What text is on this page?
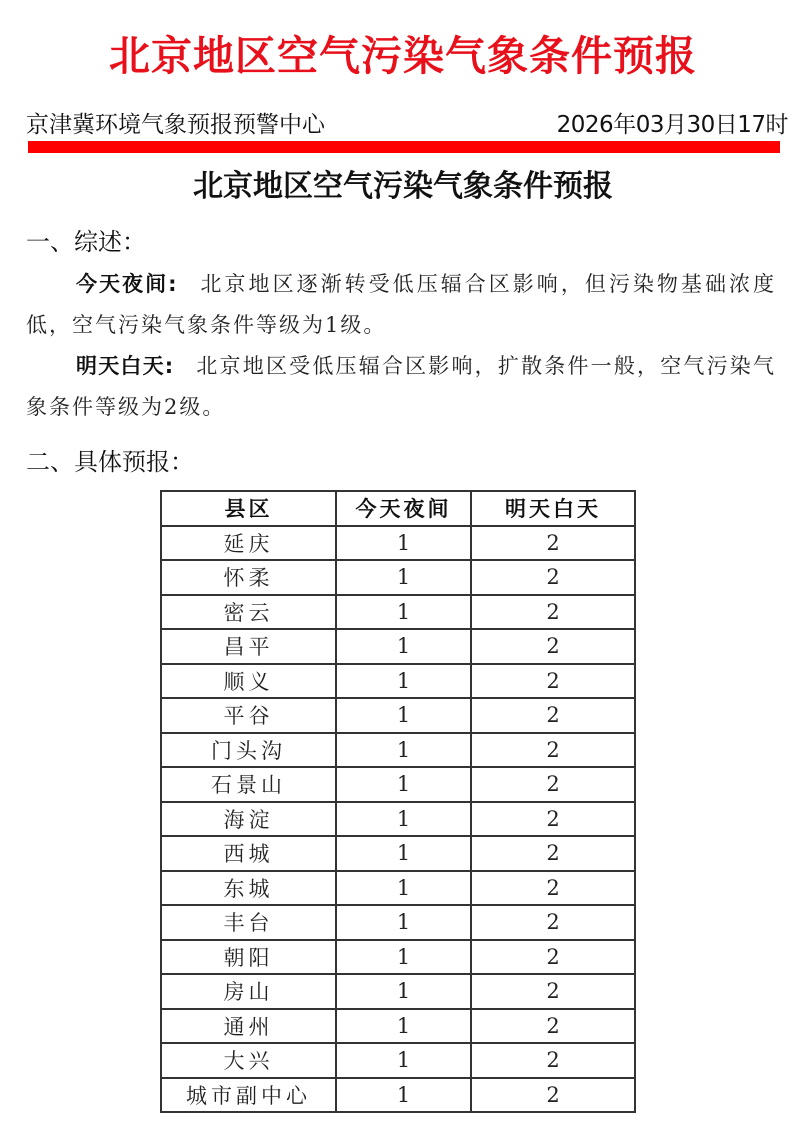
北京地区空气污染气象条件预报
京津冀环境气象预报预警中心	2026年03月30日17时
北京地区空气污染气象条件预报
一、综述：
今天夜间: 北京地区逐渐转受低压辐合区影响，但污染物基础浓度低，空气污染气象条件等级为1级。
明天白天: 北京地区受低压辐合区影响，扩散条件一般，空气污染气象条件等级为2级。
二、具体预报：
县区	今天夜间	明天白天
延庆	1	2
怀柔	1	2
密云	1	2
昌平	1	2
顺义	1	2
平谷	1	2
门头沟	1	2
石景山	1	2
海淀	1	2
西城	1	2
东城	1	2
丰台	1	2
朝阳	1	2
房山	1	2
通州	1	2
大兴	1	2
城市副中心	1	2
